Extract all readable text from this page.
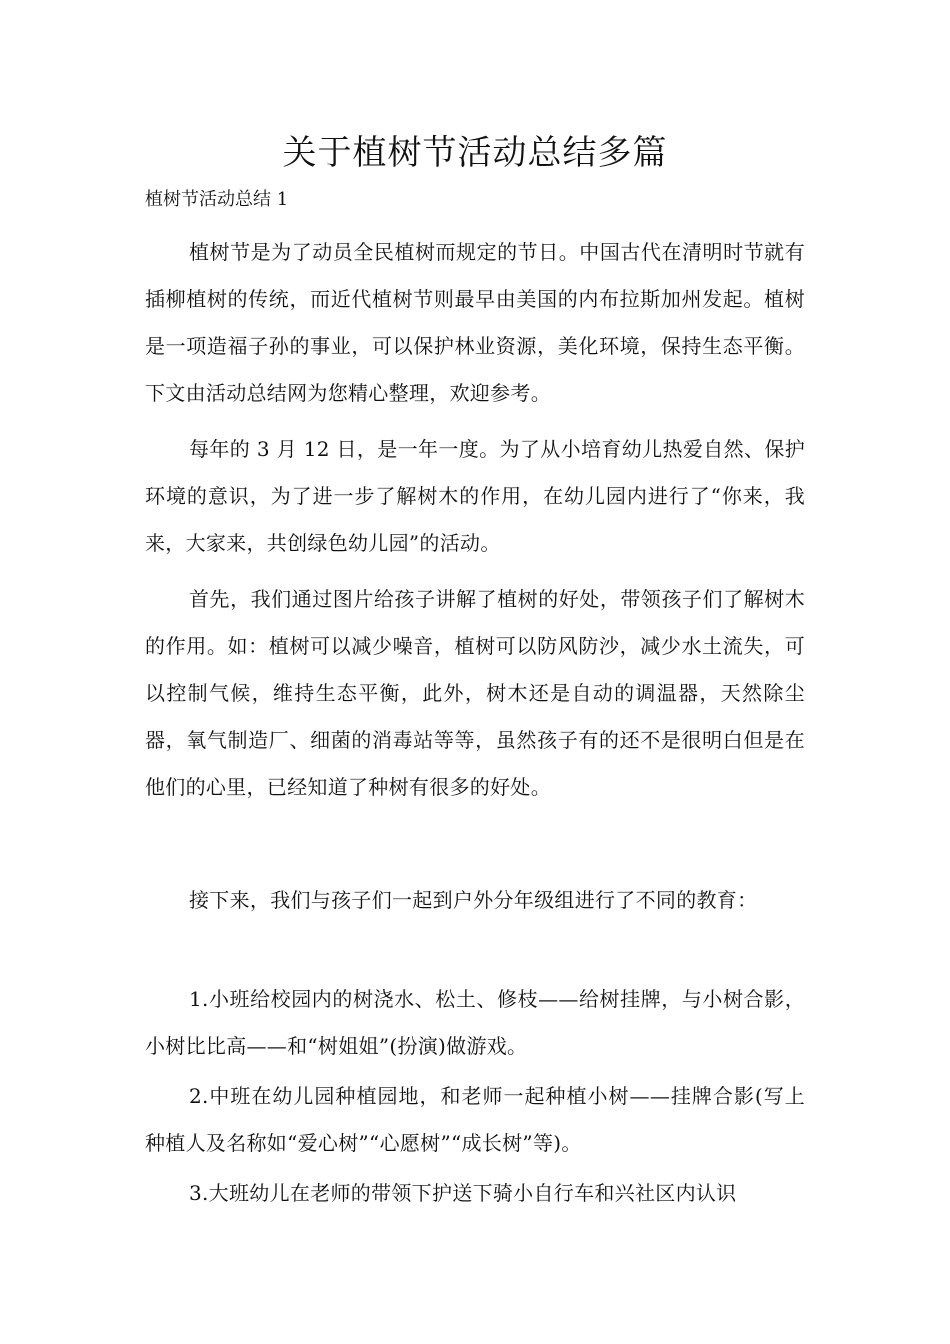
关于植树节活动总结多篇

植树节活动总结 1

植树节是为了动员全民植树而规定的节日。中国古代在清明时节就有插柳植树的传统，而近代植树节则最早由美国的内布拉斯加州发起。植树是一项造福子孙的事业，可以保护林业资源，美化环境，保持生态平衡。下文由活动总结网为您精心整理，欢迎参考。

每年的 3 月 12 日，是一年一度。为了从小培育幼儿热爱自然、保护环境的意识，为了进一步了解树木的作用，在幼儿园内进行了“你来，我来，大家来，共创绿色幼儿园”的活动。

首先，我们通过图片给孩子讲解了植树的好处，带领孩子们了解树木的作用。如：植树可以减少噪音，植树可以防风防沙，减少水土流失，可以控制气候，维持生态平衡，此外，树木还是自动的调温器，天然除尘器，氧气制造厂、细菌的消毒站等等，虽然孩子有的还不是很明白但是在他们的心里，已经知道了种树有很多的好处。

接下来，我们与孩子们一起到户外分年级组进行了不同的教育：

1.小班给校园内的树浇水、松土、修枝——给树挂牌，与小树合影，小树比比高——和“树姐姐”(扮演)做游戏。

2.中班在幼儿园种植园地，和老师一起种植小树——挂牌合影(写上种植人及名称如“爱心树”“心愿树”“成长树”等)。

3.大班幼儿在老师的带领下护送下骑小自行车和兴社区内认识
